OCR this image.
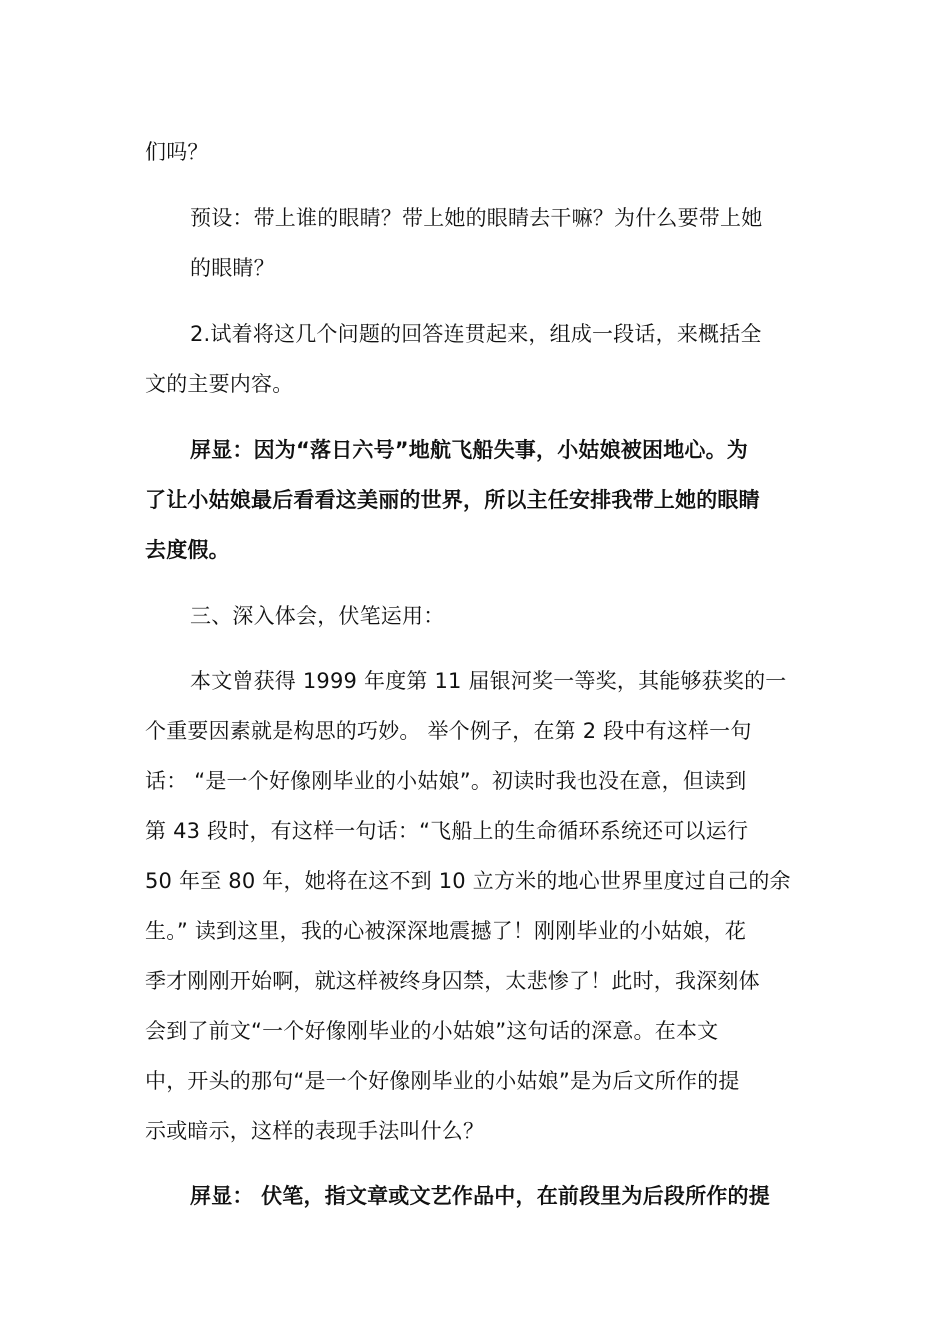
们吗？
预设：带上谁的眼睛？带上她的眼睛去干嘛？为什么要带上她
的眼睛？
2.试着将这几个问题的回答连贯起来，组成一段话，来概括全
文的主要内容。
屏显：因为“落日六号”地航飞船失事，小姑娘被困地心。为
了让小姑娘最后看看这美丽的世界，所以主任安排我带上她的眼睛
去度假。
三、深入体会，伏笔运用：
本文曾获得 1999 年度第 11 届银河奖一等奖，其能够获奖的一
个重要因素就是构思的巧妙。 举个例子，在第 2 段中有这样一句
话： “是一个好像刚毕业的小姑娘”。初读时我也没在意，但读到
第 43 段时，有这样一句话：“飞船上的生命循环系统还可以运行
50 年至 80 年，她将在这不到 10 立方米的地心世界里度过自己的余
生。” 读到这里，我的心被深深地震撼了！刚刚毕业的小姑娘，花
季才刚刚开始啊，就这样被终身囚禁，太悲惨了！此时，我深刻体
会到了前文“一个好像刚毕业的小姑娘”这句话的深意。在本文
中，开头的那句“是一个好像刚毕业的小姑娘”是为后文所作的提
示或暗示，这样的表现手法叫什么？
屏显： 伏笔，指文章或文艺作品中，在前段里为后段所作的提
